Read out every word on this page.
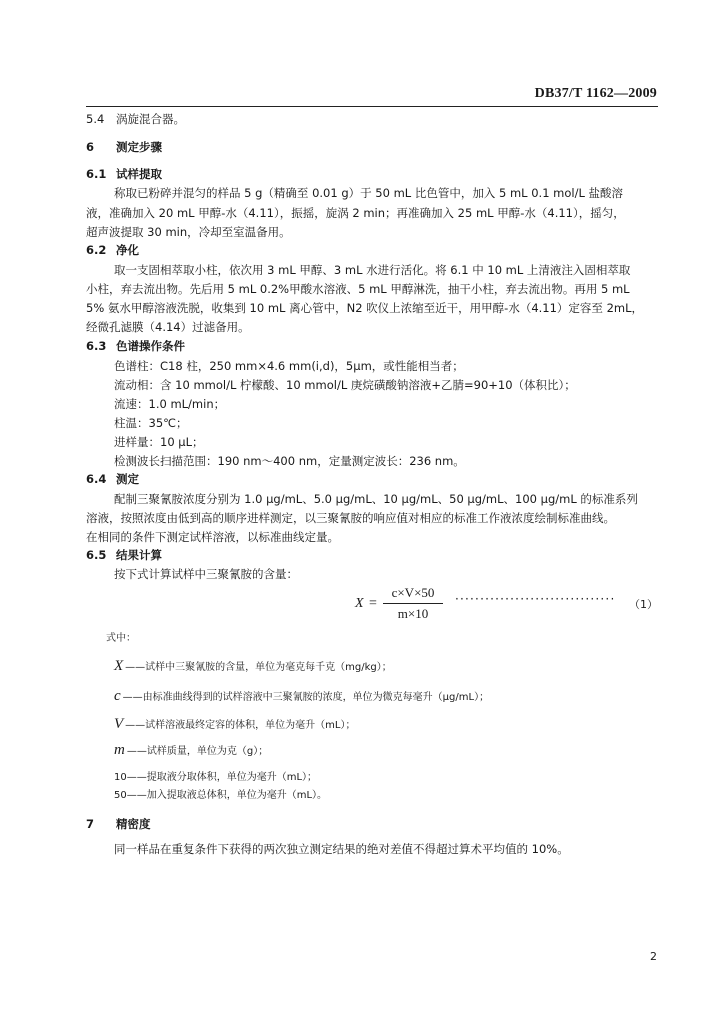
DB37/T 1162—2009
5.4 涡旋混合器。
6 测定步骤
6.1 试样提取
称取已粉碎并混匀的样品 5 g（精确至 0.01 g）于 50 mL 比色管中，加入 5 mL 0.1 mol/L 盐酸溶
液，准确加入 20 mL 甲醇-水（4.11），振摇，旋涡 2 min；再准确加入 25 mL 甲醇-水（4.11），摇匀，
超声波提取 30 min，冷却至室温备用。
6.2 净化
取一支固相萃取小柱，依次用 3 mL 甲醇、3 mL 水进行活化。将 6.1 中 10 mL 上清液注入固相萃取
小柱，弃去流出物。先后用 5 mL 0.2%甲酸水溶液、5 mL 甲醇淋洗，抽干小柱，弃去流出物。再用 5 mL
5% 氨水甲醇溶液洗脱，收集到 10 mL 离心管中，N2 吹仪上浓缩至近干，用甲醇-水（4.11）定容至 2mL，
经微孔滤膜（4.14）过滤备用。
6.3 色谱操作条件
色谱柱：C18 柱，250 mm×4.6 mm(i,d)，5μm，或性能相当者；
流动相：含 10 mmol/L 柠檬酸、10 mmol/L 庚烷磺酸钠溶液+乙腈=90+10（体积比）；
流速：1.0 mL/min；
柱温：35℃；
进样量：10 μL；
检测波长扫描范围：190 nm～400 nm，定量测定波长：236 nm。
6.4 测定
配制三聚氰胺浓度分别为 1.0 μg/mL、5.0 μg/mL、10 μg/mL、50 μg/mL、100 μg/mL 的标准系列
溶液，按照浓度由低到高的顺序进样测定，以三聚氰胺的响应值对相应的标准工作液浓度绘制标准曲线。
在相同的条件下测定试样溶液，以标准曲线定量。
6.5 结果计算
按下式计算试样中三聚氰胺的含量：
X =
c×V×50
m×10
································ （1）
式中：
X ——试样中三聚氰胺的含量，单位为毫克每千克（mg/kg）；
c ——由标准曲线得到的试样溶液中三聚氰胺的浓度，单位为微克每毫升（μg/mL）；
V ——试样溶液最终定容的体积，单位为毫升（mL）；
m ——试样质量，单位为克（g）；
10——提取液分取体积，单位为毫升（mL）；
50——加入提取液总体积，单位为毫升（mL）。
7 精密度
同一样品在重复条件下获得的两次独立测定结果的绝对差值不得超过算术平均值的 10%。
2
